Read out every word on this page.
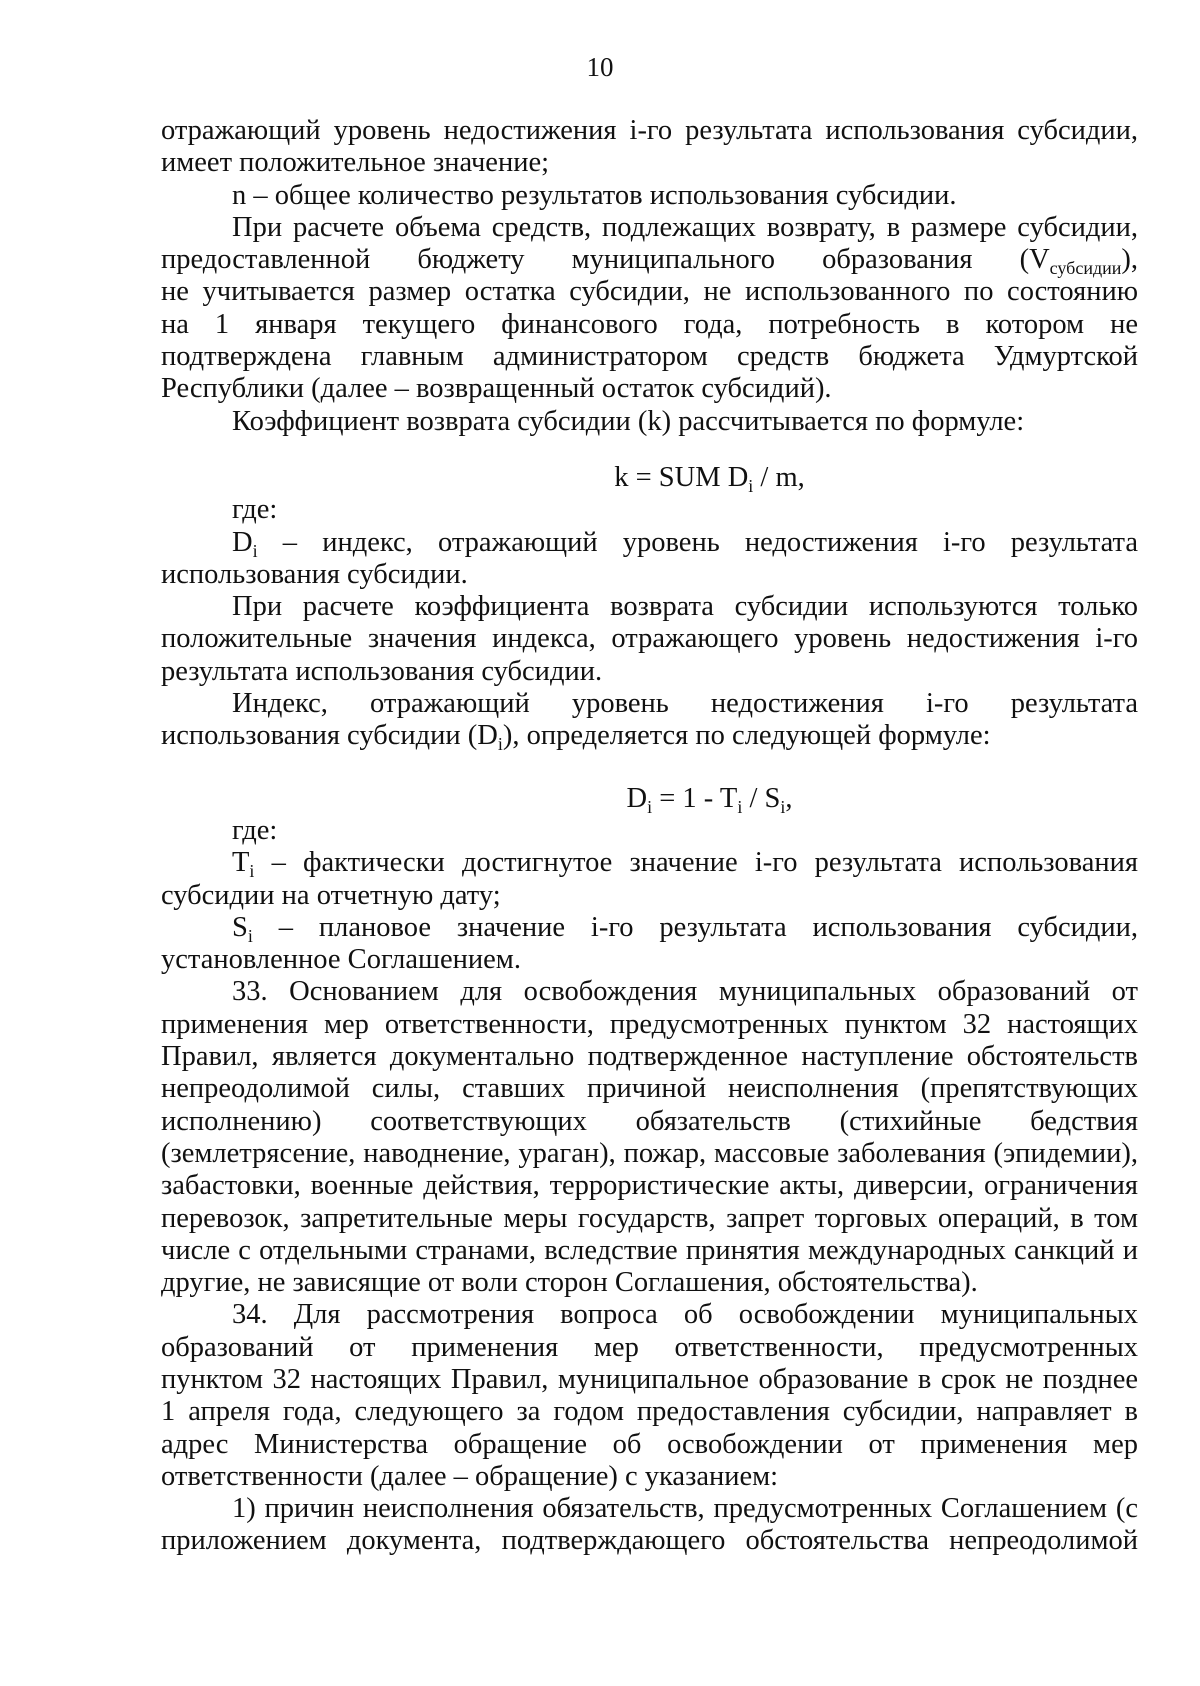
10
отражающий уровень недостижения i-го результата использования субсидии,
имеет положительное значение;
n – общее количество результатов использования субсидии.
При расчете объема средств, подлежащих возврату, в размере субсидии,
предоставленной бюджету муниципального образования $(V_{субсидии})$,
не учитывается размер остатка субсидии, не использованного по состоянию
на 1 января текущего финансового года, потребность в котором не
подтверждена главным администратором средств бюджета Удмуртской
Республики (далее – возвращенный остаток субсидий).
Коэффициент возврата субсидии (k) рассчитывается по формуле:
k = SUM $D_i$ / m,
где:
$D_i$ – индекс, отражающий уровень недостижения i-го результата
использования субсидии.
При расчете коэффициента возврата субсидии используются только
положительные значения индекса, отражающего уровень недостижения i-го
результата использования субсидии.
Индекс, отражающий уровень недостижения i-го результата
использования субсидии $(D_i)$, определяется по следующей формуле:
$D_i = 1 - T_i / S_i$,
где:
$T_i$ – фактически достигнутое значение i-го результата использования
субсидии на отчетную дату;
$S_i$ – плановое значение i-го результата использования субсидии,
установленное Соглашением.
33. Основанием для освобождения муниципальных образований от
применения мер ответственности, предусмотренных пунктом 32 настоящих
Правил, является документально подтвержденное наступление обстоятельств
непреодолимой силы, ставших причиной неисполнения (препятствующих
исполнению) соответствующих обязательств (стихийные бедствия
(землетрясение, наводнение, ураган), пожар, массовые заболевания (эпидемии),
забастовки, военные действия, террористические акты, диверсии, ограничения
перевозок, запретительные меры государств, запрет торговых операций, в том
числе с отдельными странами, вследствие принятия международных санкций и
другие, не зависящие от воли сторон Соглашения, обстоятельства).
34. Для рассмотрения вопроса об освобождении муниципальных
образований от применения мер ответственности, предусмотренных
пунктом 32 настоящих Правил, муниципальное образование в срок не позднее
1 апреля года, следующего за годом предоставления субсидии, направляет в
адрес Министерства обращение об освобождении от применения мер
ответственности (далее – обращение) с указанием:
1) причин неисполнения обязательств, предусмотренных Соглашением (с
приложением документа, подтверждающего обстоятельства непреодолимой
